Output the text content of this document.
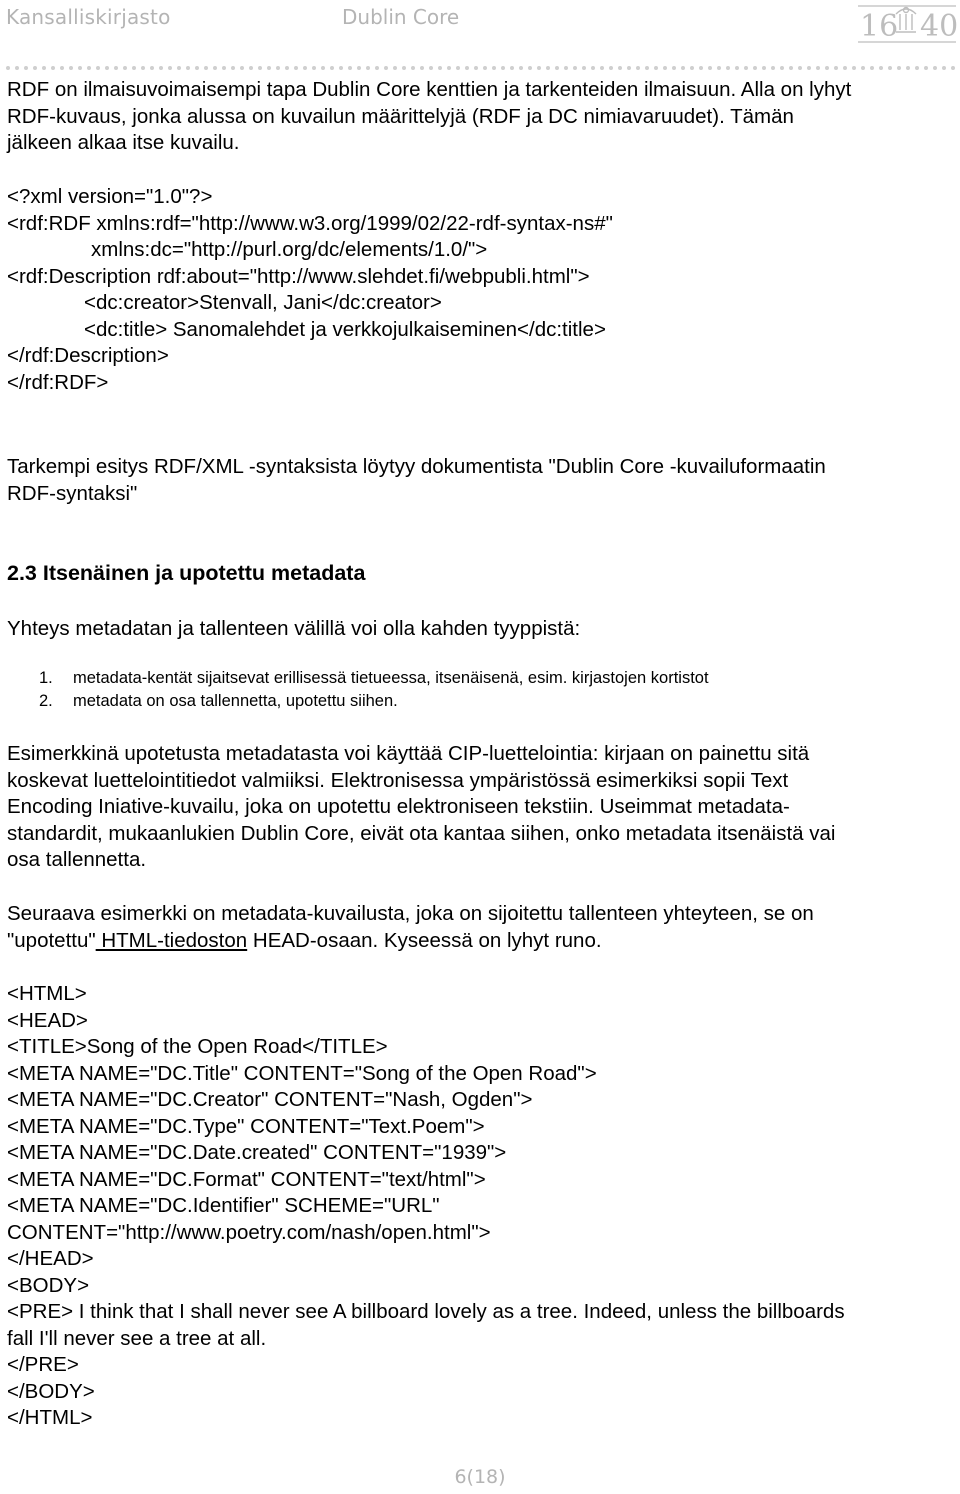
Kansalliskirjasto	Dublin Core	16 40
RDF on ilmaisuvoimaisempi tapa Dublin Core kenttien ja tarkenteiden ilmaisuun. Alla on lyhyt
RDF-kuvaus, jonka alussa on kuvailun määrittelyjä (RDF ja DC nimiavaruudet). Tämän
jälkeen alkaa itse kuvailu.
<?xml version="1.0"?>
<rdf:RDF xmlns:rdf="http://www.w3.org/1999/02/22-rdf-syntax-ns#"
xmlns:dc="http://purl.org/dc/elements/1.0/">
<rdf:Description rdf:about="http://www.slehdet.fi/webpubli.html">
<dc:creator>Stenvall, Jani</dc:creator>
<dc:title> Sanomalehdet ja verkkojulkaiseminen</dc:title>
</rdf:Description>
</rdf:RDF>
Tarkempi esitys RDF/XML -syntaksista löytyy dokumentista "Dublin Core -kuvailuformaatin
RDF-syntaksi"
2.3 Itsenäinen ja upotettu metadata
Yhteys metadatan ja tallenteen välillä voi olla kahden tyyppistä:
1. metadata-kentät sijaitsevat erillisessä tietueessa, itsenäisenä, esim. kirjastojen kortistot
2. metadata on osa tallennetta, upotettu siihen.
Esimerkkinä upotetusta metadatasta voi käyttää CIP-luettelointia: kirjaan on painettu sitä
koskevat luettelointitiedot valmiiksi. Elektronisessa ympäristössä esimerkiksi sopii Text
Encoding Iniative-kuvailu, joka on upotettu elektroniseen tekstiin. Useimmat metadata-
standardit, mukaanlukien Dublin Core, eivät ota kantaa siihen, onko metadata itsenäistä vai
osa tallennetta.
Seuraava esimerkki on metadata-kuvailusta, joka on sijoitettu tallenteen yhteyteen, se on
"upotettu" HTML-tiedoston HEAD-osaan. Kyseessä on lyhyt runo.
<HTML>
<HEAD>
<TITLE>Song of the Open Road</TITLE>
<META NAME="DC.Title" CONTENT="Song of the Open Road">
<META NAME="DC.Creator" CONTENT="Nash, Ogden">
<META NAME="DC.Type" CONTENT="Text.Poem">
<META NAME="DC.Date.created" CONTENT="1939">
<META NAME="DC.Format" CONTENT="text/html">
<META NAME="DC.Identifier" SCHEME="URL"
CONTENT="http://www.poetry.com/nash/open.html">
</HEAD>
<BODY>
<PRE> I think that I shall never see A billboard lovely as a tree. Indeed, unless the billboards
fall I'll never see a tree at all.
</PRE>
</BODY>
</HTML>
6(18)
